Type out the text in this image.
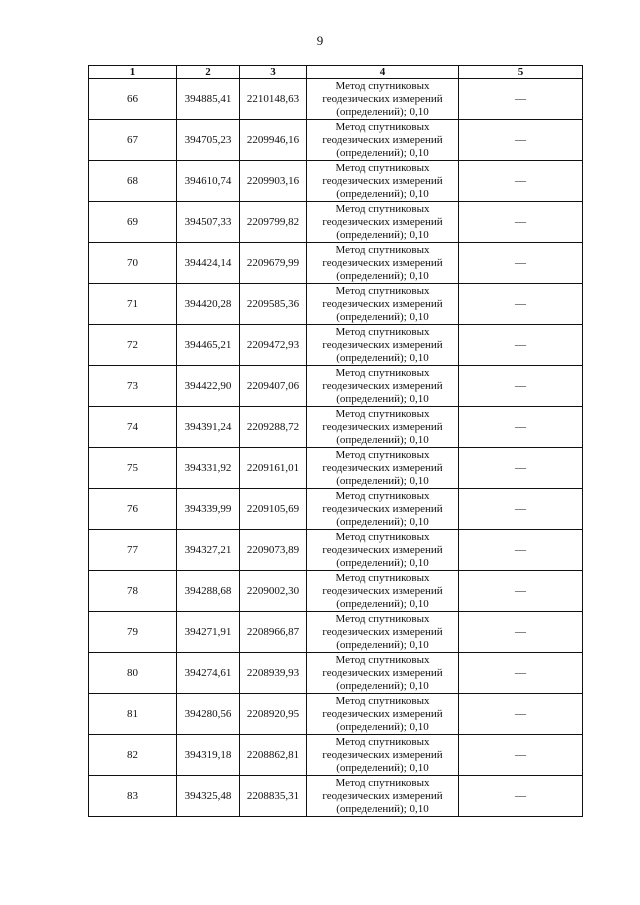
9
1	2	3	4	5
66	394885,41	2210148,63	Метод спутниковых
геодезических измерений
(определений); 0,10	—
67	394705,23	2209946,16	Метод спутниковых
геодезических измерений
(определений); 0,10	—
68	394610,74	2209903,16	Метод спутниковых
геодезических измерений
(определений); 0,10	—
69	394507,33	2209799,82	Метод спутниковых
геодезических измерений
(определений); 0,10	—
70	394424,14	2209679,99	Метод спутниковых
геодезических измерений
(определений); 0,10	—
71	394420,28	2209585,36	Метод спутниковых
геодезических измерений
(определений); 0,10	—
72	394465,21	2209472,93	Метод спутниковых
геодезических измерений
(определений); 0,10	—
73	394422,90	2209407,06	Метод спутниковых
геодезических измерений
(определений); 0,10	—
74	394391,24	2209288,72	Метод спутниковых
геодезических измерений
(определений); 0,10	—
75	394331,92	2209161,01	Метод спутниковых
геодезических измерений
(определений); 0,10	—
76	394339,99	2209105,69	Метод спутниковых
геодезических измерений
(определений); 0,10	—
77	394327,21	2209073,89	Метод спутниковых
геодезических измерений
(определений); 0,10	—
78	394288,68	2209002,30	Метод спутниковых
геодезических измерений
(определений); 0,10	—
79	394271,91	2208966,87	Метод спутниковых
геодезических измерений
(определений); 0,10	—
80	394274,61	2208939,93	Метод спутниковых
геодезических измерений
(определений); 0,10	—
81	394280,56	2208920,95	Метод спутниковых
геодезических измерений
(определений); 0,10	—
82	394319,18	2208862,81	Метод спутниковых
геодезических измерений
(определений); 0,10	—
83	394325,48	2208835,31	Метод спутниковых
геодезических измерений
(определений); 0,10	—
